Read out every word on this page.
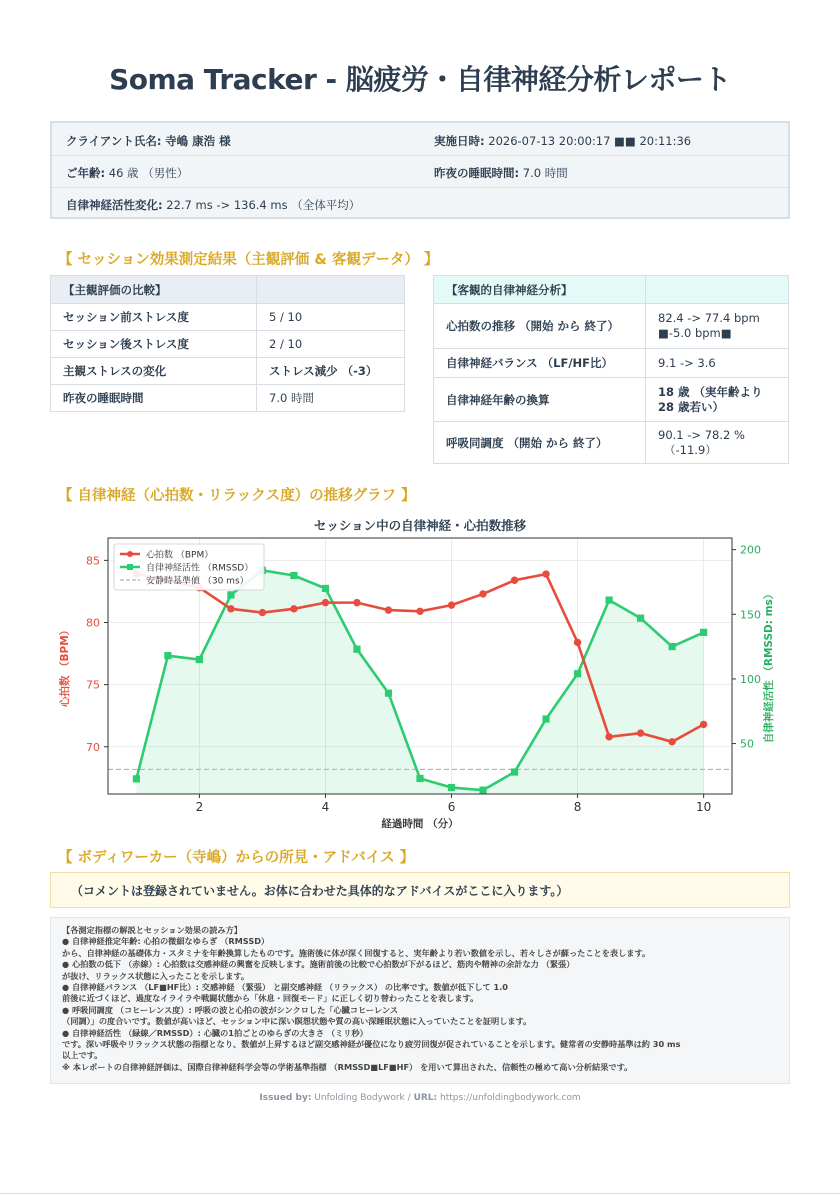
Soma Tracker - 脳疲労・自律神経分析レポート
クライアント氏名: 寺嶋 康浩 様	実施日時: 2026-07-13 20:00:17 ■■ 20:11:36
ご年齢: 46 歳 （男性）	昨夜の睡眠時間: 7.0 時間
自律神経活性変化: 22.7 ms -> 136.4 ms （全体平均）
【 セッション効果測定結果（主観評価 & 客観データ） 】
【主観評価の比較】	
セッション前ストレス度	5 / 10
セッション後ストレス度	2 / 10
主観ストレスの変化	ストレス減少 （-3）
昨夜の睡眠時間	7.0 時間
【客観的自律神経分析】	
心拍数の推移 （開始 から 終了）	82.4 -> 77.4 bpm
■-5.0 bpm■

自律神経バランス （LF/HF比）	9.1 -> 3.6
自律神経年齢の換算	18 歳 （実年齢より
28 歳若い）

呼吸同調度 （開始 から 終了）	90.1 -> 78.2 %
（-11.9）
【 自律神経（心拍数・リラックス度）の推移グラフ 】
セッション中の自律神経・心拍数推移
2	4	6	8	10
70
75
80
85
50
100
150
200
経過時間 （分）
心拍数 （BPM）	自律神経活性 （RMSSD: ms）
心拍数 （BPM）
自律神経活性 （RMSSD）
安静時基準値 （30 ms）
【 ボディワーカー（寺嶋）からの所見・アドバイス 】
（コメントは登録されていません。お体に合わせた具体的なアドバイスがここに入ります。）
【各測定指標の解説とセッション効果の読み方】
● 自律神経推定年齢: 心拍の微細なゆらぎ （RMSSD）
から、自律神経の基礎体力・スタミナを年齢換算したものです。施術後に体が深く回復すると、実年齢より若い数値を示し、若々しさが蘇ったことを表します。
● 心拍数の低下 （赤線）: 心拍数は交感神経の興奮を反映します。施術前後の比較で心拍数が下がるほど、筋肉や精神の余計な力 （緊張）
が抜け、リラックス状態に入ったことを示します。
● 自律神経バランス （LF■HF比）: 交感神経 （緊張） と副交感神経 （リラックス） の比率です。数値が低下して 1.0
前後に近づくほど、過度なイライラや戦闘状態から「休息・回復モード」に正しく切り替わったことを表します。
● 呼吸同調度 （コヒーレンス度）: 呼吸の波と心拍の波がシンクロした「心臓コヒーレンス
（同調）」の度合いです。数値が高いほど、セッション中に深い瞑想状態や質の高い深睡眠状態に入っていたことを証明します。
● 自律神経活性 （緑線／RMSSD）: 心臓の1拍ごとのゆらぎの大きさ （ミリ秒）
です。深い呼吸やリラックス状態の指標となり、数値が上昇するほど副交感神経が優位になり疲労回復が促されていることを示します。健常者の安静時基準は約 30 ms
以上です。
※ 本レポートの自律神経評価は、国際自律神経科学会等の学術基準指標 （RMSSD■LF■HF） を用いて算出された、信頼性の極めて高い分析結果です。
Issued by: Unfolding Bodywork / URL: https://unfoldingbodywork.com
